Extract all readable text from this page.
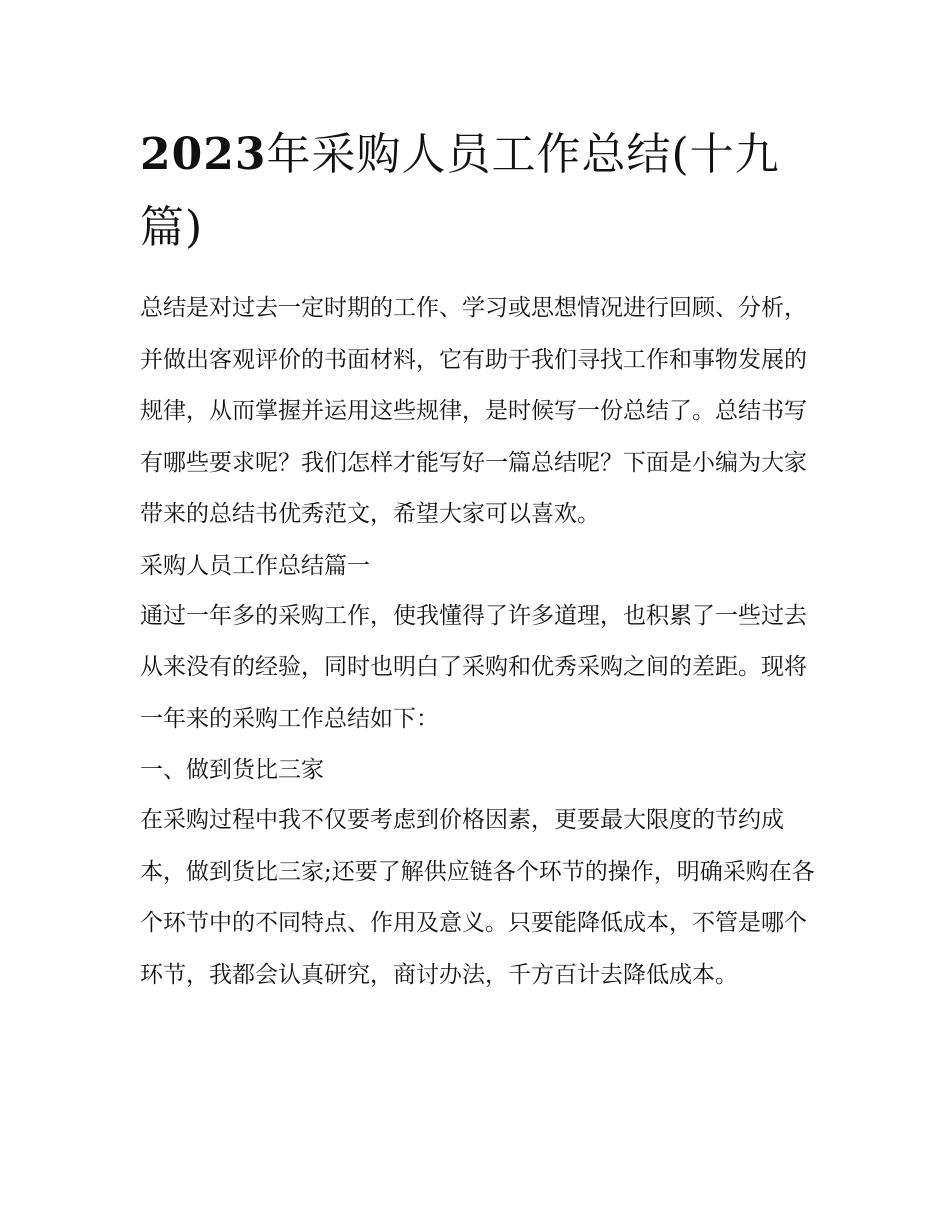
2023年采购人员工作总结(十九篇)

总结是对过去一定时期的工作、学习或思想情况进行回顾、分析，并做出客观评价的书面材料，它有助于我们寻找工作和事物发展的规律，从而掌握并运用这些规律，是时候写一份总结了。总结书写有哪些要求呢？我们怎样才能写好一篇总结呢？下面是小编为大家带来的总结书优秀范文，希望大家可以喜欢。

采购人员工作总结篇一

通过一年多的采购工作，使我懂得了许多道理，也积累了一些过去从来没有的经验，同时也明白了采购和优秀采购之间的差距。现将一年来的采购工作总结如下：

一、做到货比三家

在采购过程中我不仅要考虑到价格因素，更要最大限度的节约成本，做到货比三家;还要了解供应链各个环节的操作，明确采购在各个环节中的不同特点、作用及意义。只要能降低成本，不管是哪个环节，我都会认真研究，商讨办法，千方百计去降低成本。
